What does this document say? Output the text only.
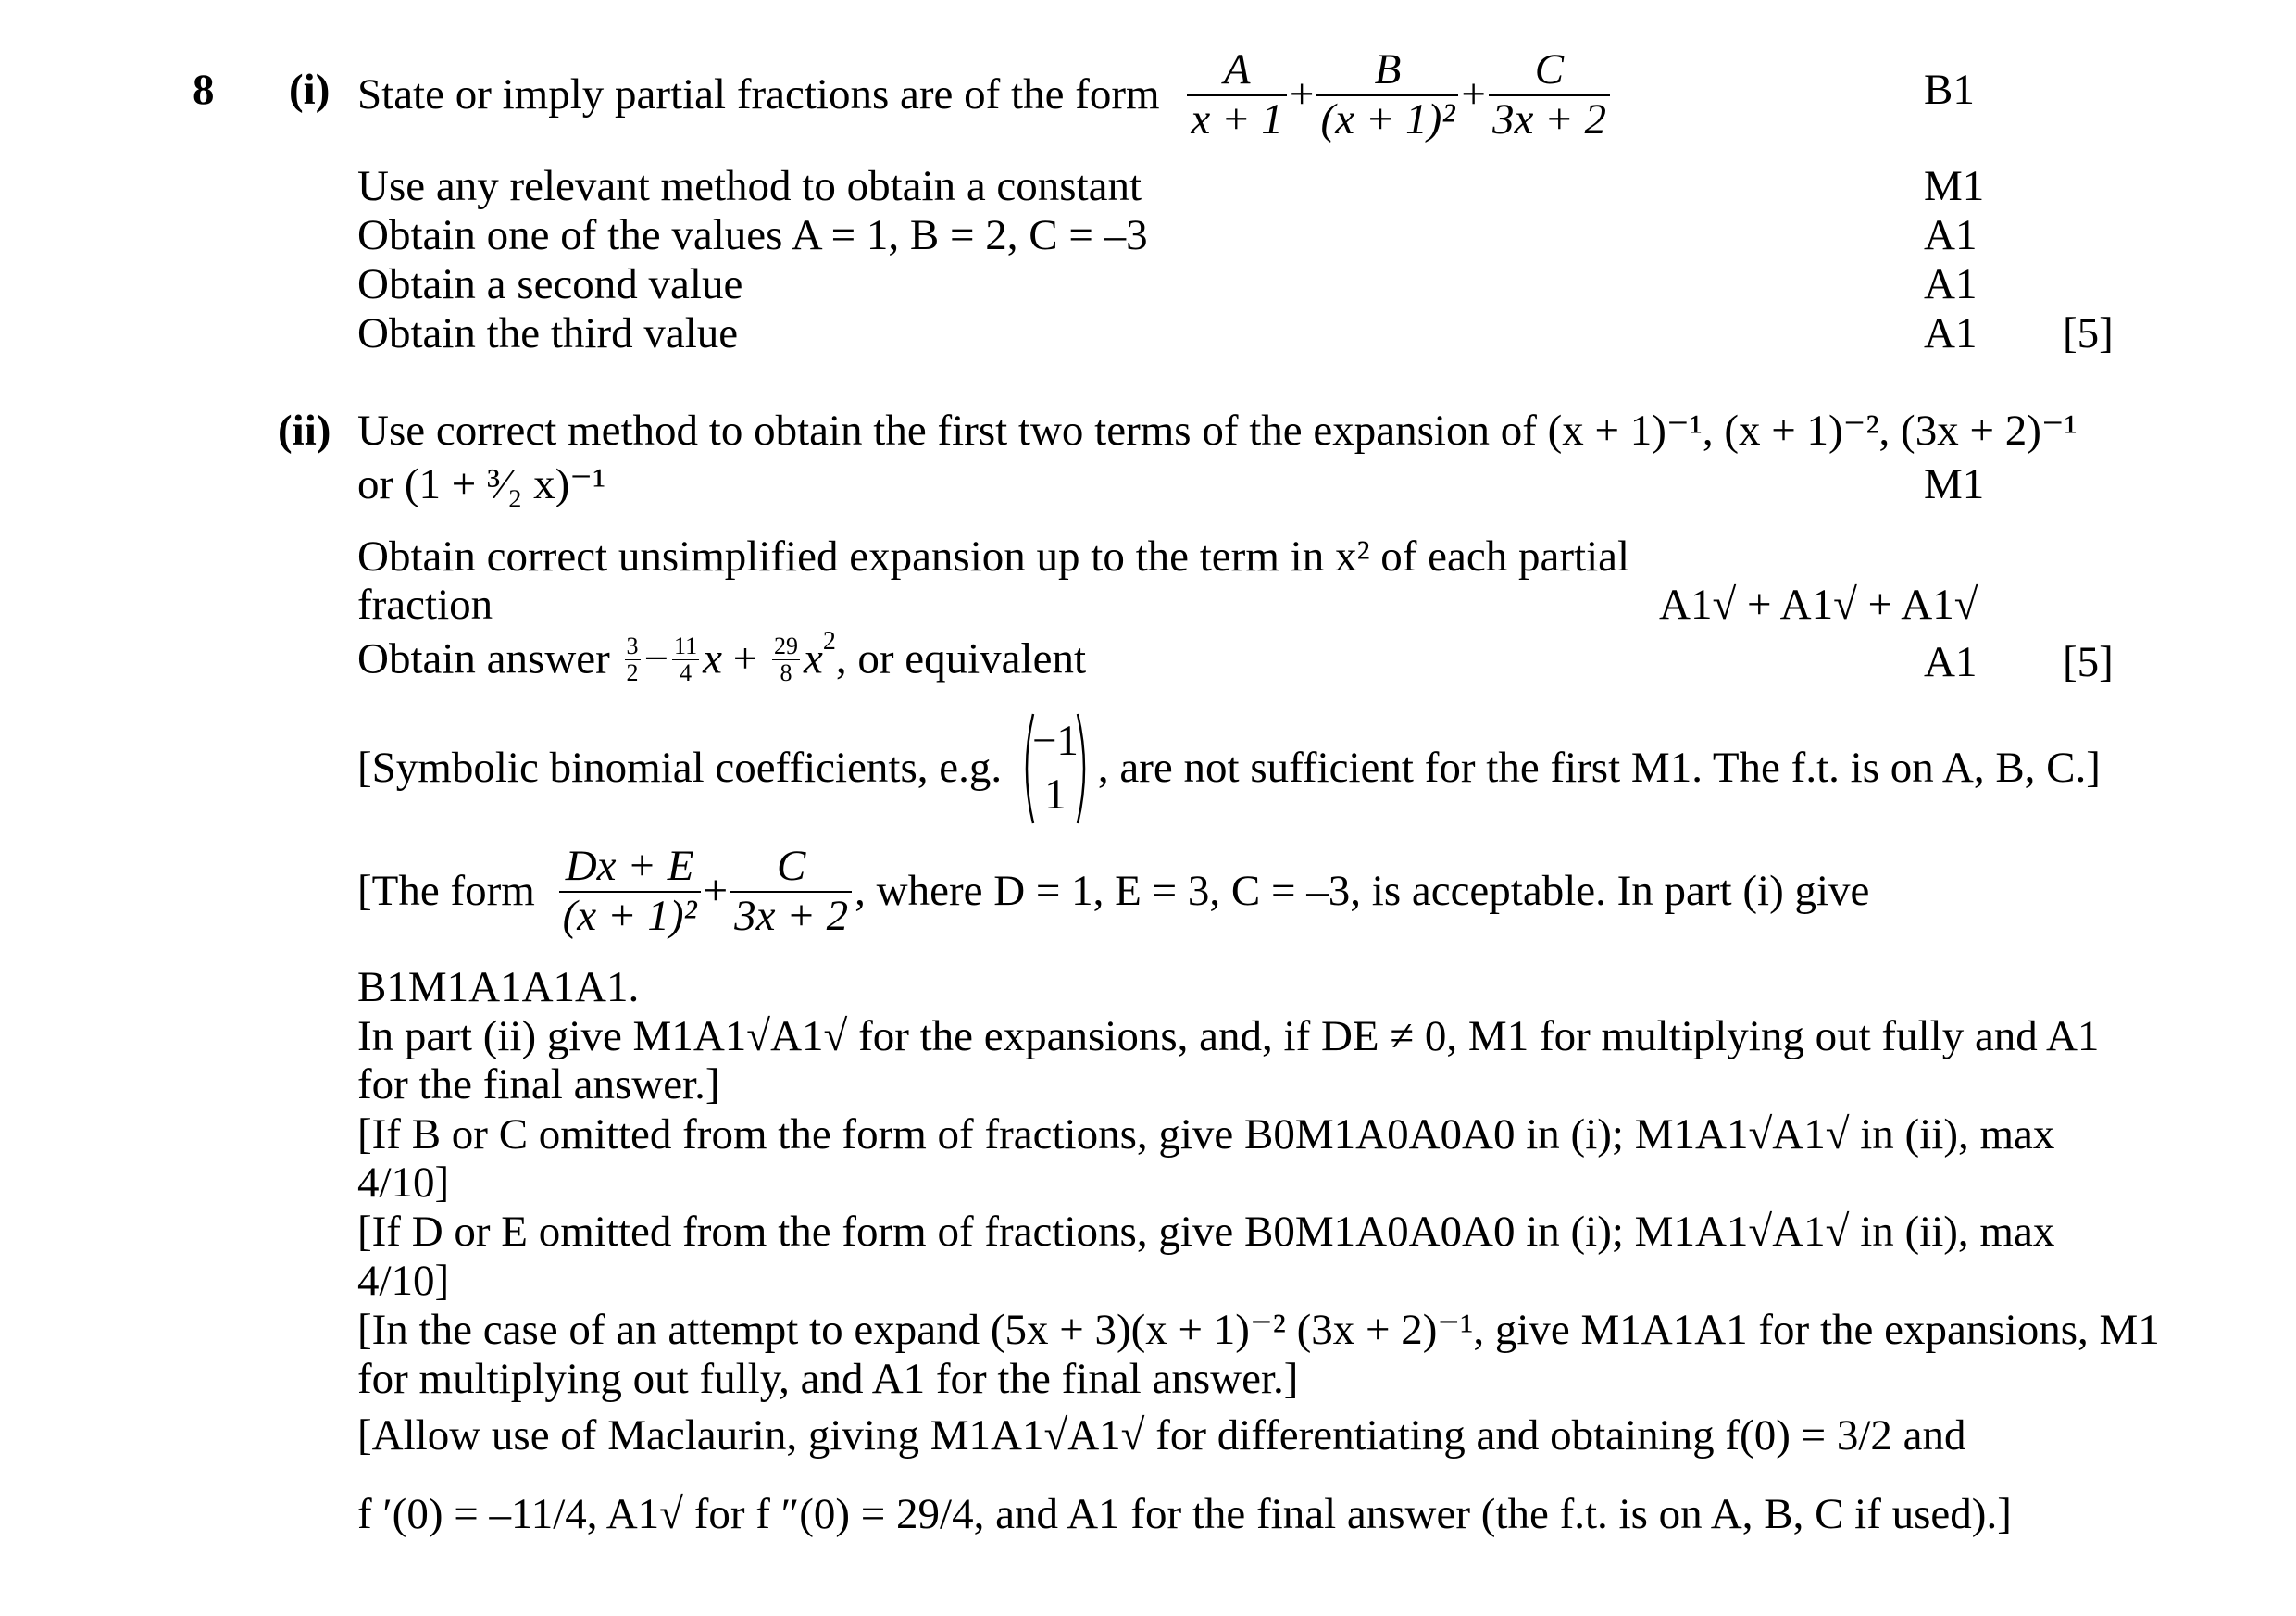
8 (i) State or imply partial fractions are of the form $\frac{A}{x + 1} + \frac{B}{\text{(x + 1)²}} + \frac{C}{3x + 2}$	B1
Use any relevant method to obtain a constant	M1
Obtain one of the values A = 1, B = 2, C = –3	A1
Obtain a second value	A1
Obtain the third value	A1 [5]
(ii) Use correct method to obtain the first two terms of the expansion of (x + 1)⁻¹, (x + 1)⁻², (3x + 2)⁻¹
or (1 + ³⁄₂ x)⁻¹	M1
Obtain correct unsimplified expansion up to the term in x² of each partial
fraction	A1√ + A1√ + A1√
Obtain answer $\frac{3}{2} - \frac{11}{4}$ $x + \frac{29}{8} x^2$, or equivalent	A1 [5]
[Symbolic binomial coefficients, e.g.
−1
1
, are not sufficient for the first M1. The f.t. is on A, B, C.]
[The form $\frac{Dx + E}{\text{(x + 1)²}} + \frac{C}{3x + 2}$ , where D = 1, E = 3, C = –3, is acceptable. In part (i) give
B1M1A1A1A1.
In part (ii) give M1A1√A1√ for the expansions, and, if DE ≠ 0, M1 for multiplying out fully and A1
for the final answer.]
[If B or C omitted from the form of fractions, give B0M1A0A0A0 in (i); M1A1√A1√ in (ii), max
4/10]
[If D or E omitted from the form of fractions, give B0M1A0A0A0 in (i); M1A1√A1√ in (ii), max
4/10]
[In the case of an attempt to expand (5x + 3)(x + 1)⁻² (3x + 2)⁻¹, give M1A1A1 for the expansions, M1
for multiplying out fully, and A1 for the final answer.]
[Allow use of Maclaurin, giving M1A1√A1√ for differentiating and obtaining f(0) = 3/2 and
f ′(0) = –11/4, A1√ for f ″(0) = 29/4, and A1 for the final answer (the f.t. is on A, B, C if used).]
